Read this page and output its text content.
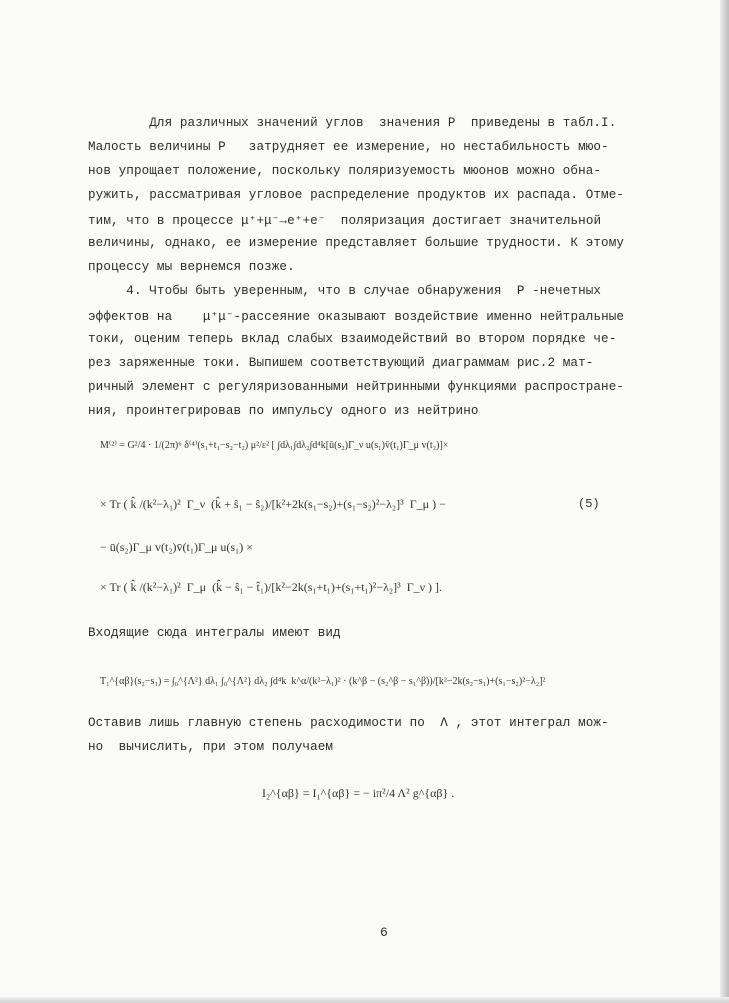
Для различных значений углов  значения P  приведены в табл.I.
Малость величины P   затрудняет ее измерение, но нестабильность мюо-
нов упрощает положение, поскольку поляризуемость мюонов можно обна-
ружить, рассматривая угловое распределение продуктов их распада. Отме-
тим, что в процессе μ⁺+μ⁻→e⁺+e⁻  поляризация достигает значительной
величины, однако, ее измерение представляет большие трудности. К этому
процессу мы вернемся позже.
4. Чтобы быть уверенным, что в случае обнаружения  P -нечетных
эффектов на    μ⁺μ⁻-рассеяние оказывают воздействие именно нейтральные
токи, оценим теперь вклад слабых взаимодействий во втором порядке че-
рез заряженные токи. Выпишем соответствующий диаграммам рис.2 мат-
ричный элемент с регуляризованными нейтринными функциями распростране-
ния, проинтегрировав по импульсу одного из нейтрино
M⁽²⁾ = G²/4 · 1/(2π)⁶ δ⁽⁴⁾(s₁+t₁−s₂−t₂) μ²/ε² [ ∫dλ₁∫dλ₂∫d⁴k[ū(s₂)Γ_ν u(s₁)v̄(t₁)Γ_μ v(t₂)]×
× Tr ( k̂ /(k²−λ₁)²  Γ_ν  (k̂ + ŝ₁ − ŝ₂)/[k²+2k(s₁−s₂)+(s₁−s₂)²−λ₂]³  Γ_μ ) −	(5)
− ū(s₂)Γ_μ v(t₂)v̄(t₁)Γ_μ u(s₁) ×
× Tr ( k̂ /(k²−λ₁)²  Γ_μ  (k̂ − ŝ₁ − t̂₁)/[k²−2k(s₁+t₁)+(s₁+t₁)²−λ₂]³  Γ_ν ) ].
Входящие сюда интегралы имеют вид
T₁^{αβ}(s₂−s₁) = ∫₀^{Λ²} dλ₁ ∫₀^{Λ²} dλ₂ ∫d⁴k  k^α/(k²−λ₁)² · (k^β − (s₂^β − s₁^β))/[k²−2k(s₂−s₁)+(s₁−s₂)²−λ₂]²
Оставив лишь главную степень расходимости по  Λ , этот интеграл мож-
но  вычислить, при этом получаем
I₂^{αβ} = I₁^{αβ} = − iπ²/4 Λ² g^{αβ} .
6
